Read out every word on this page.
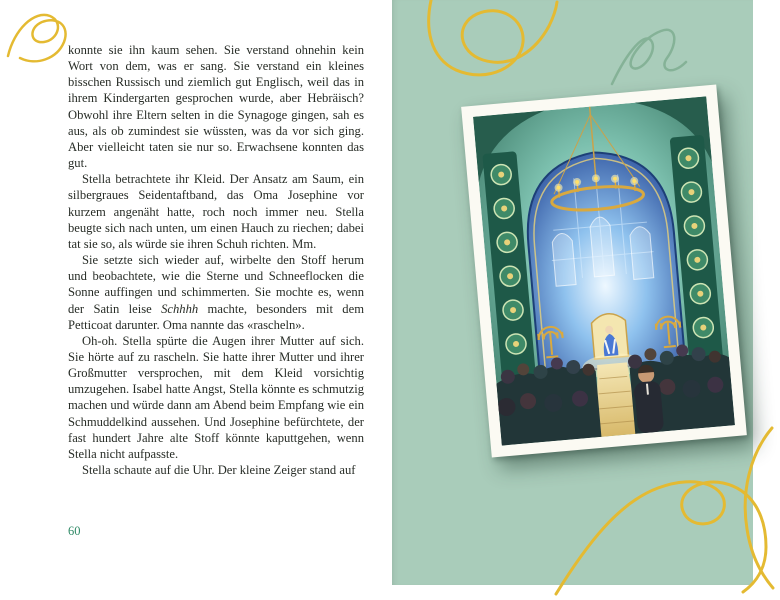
konnte sie ihn kaum sehen. Sie verstand ohnehin kein Wort von dem, was er sang. Sie verstand ein kleines bisschen Russisch und ziemlich gut Englisch, weil das in ihrem Kindergarten gesprochen wurde, aber Hebräisch? Obwohl ihre Eltern selten in die Synagoge gingen, sah es aus, als ob zumindest sie wüssten, was da vor sich ging. Aber vielleicht taten sie nur so. Erwachsene konnten das gut.

Stella betrachtete ihr Kleid. Der Ansatz am Saum, ein silbergraues Seidentaftband, das Oma Josephine vor kurzem angenäht hatte, roch noch immer neu. Stella beugte sich nach unten, um einen Hauch zu riechen; dabei tat sie so, als würde sie ihren Schuh richten. Mm.

Sie setzte sich wieder auf, wirbelte den Stoff herum und beobachtete, wie die Sterne und Schneeflocken die Sonne auffingen und schimmerten. Sie mochte es, wenn der Satin leise Schhhh machte, besonders mit dem Petticoat darunter. Oma nannte das «rascheln».

Oh-oh. Stella spürte die Augen ihrer Mutter auf sich. Sie hörte auf zu rascheln. Sie hatte ihrer Mutter und ihrer Großmutter versprochen, mit dem Kleid vorsichtig umzugehen. Isabel hatte Angst, Stella könnte es schmutzig machen und würde dann am Abend beim Empfang wie ein Schmuddelkind aussehen. Und Josephine befürchtete, der fast hundert Jahre alte Stoff könnte kaputtgehen, wenn Stella nicht aufpasste.

Stella schaute auf die Uhr. Der kleine Zeiger stand auf

60
